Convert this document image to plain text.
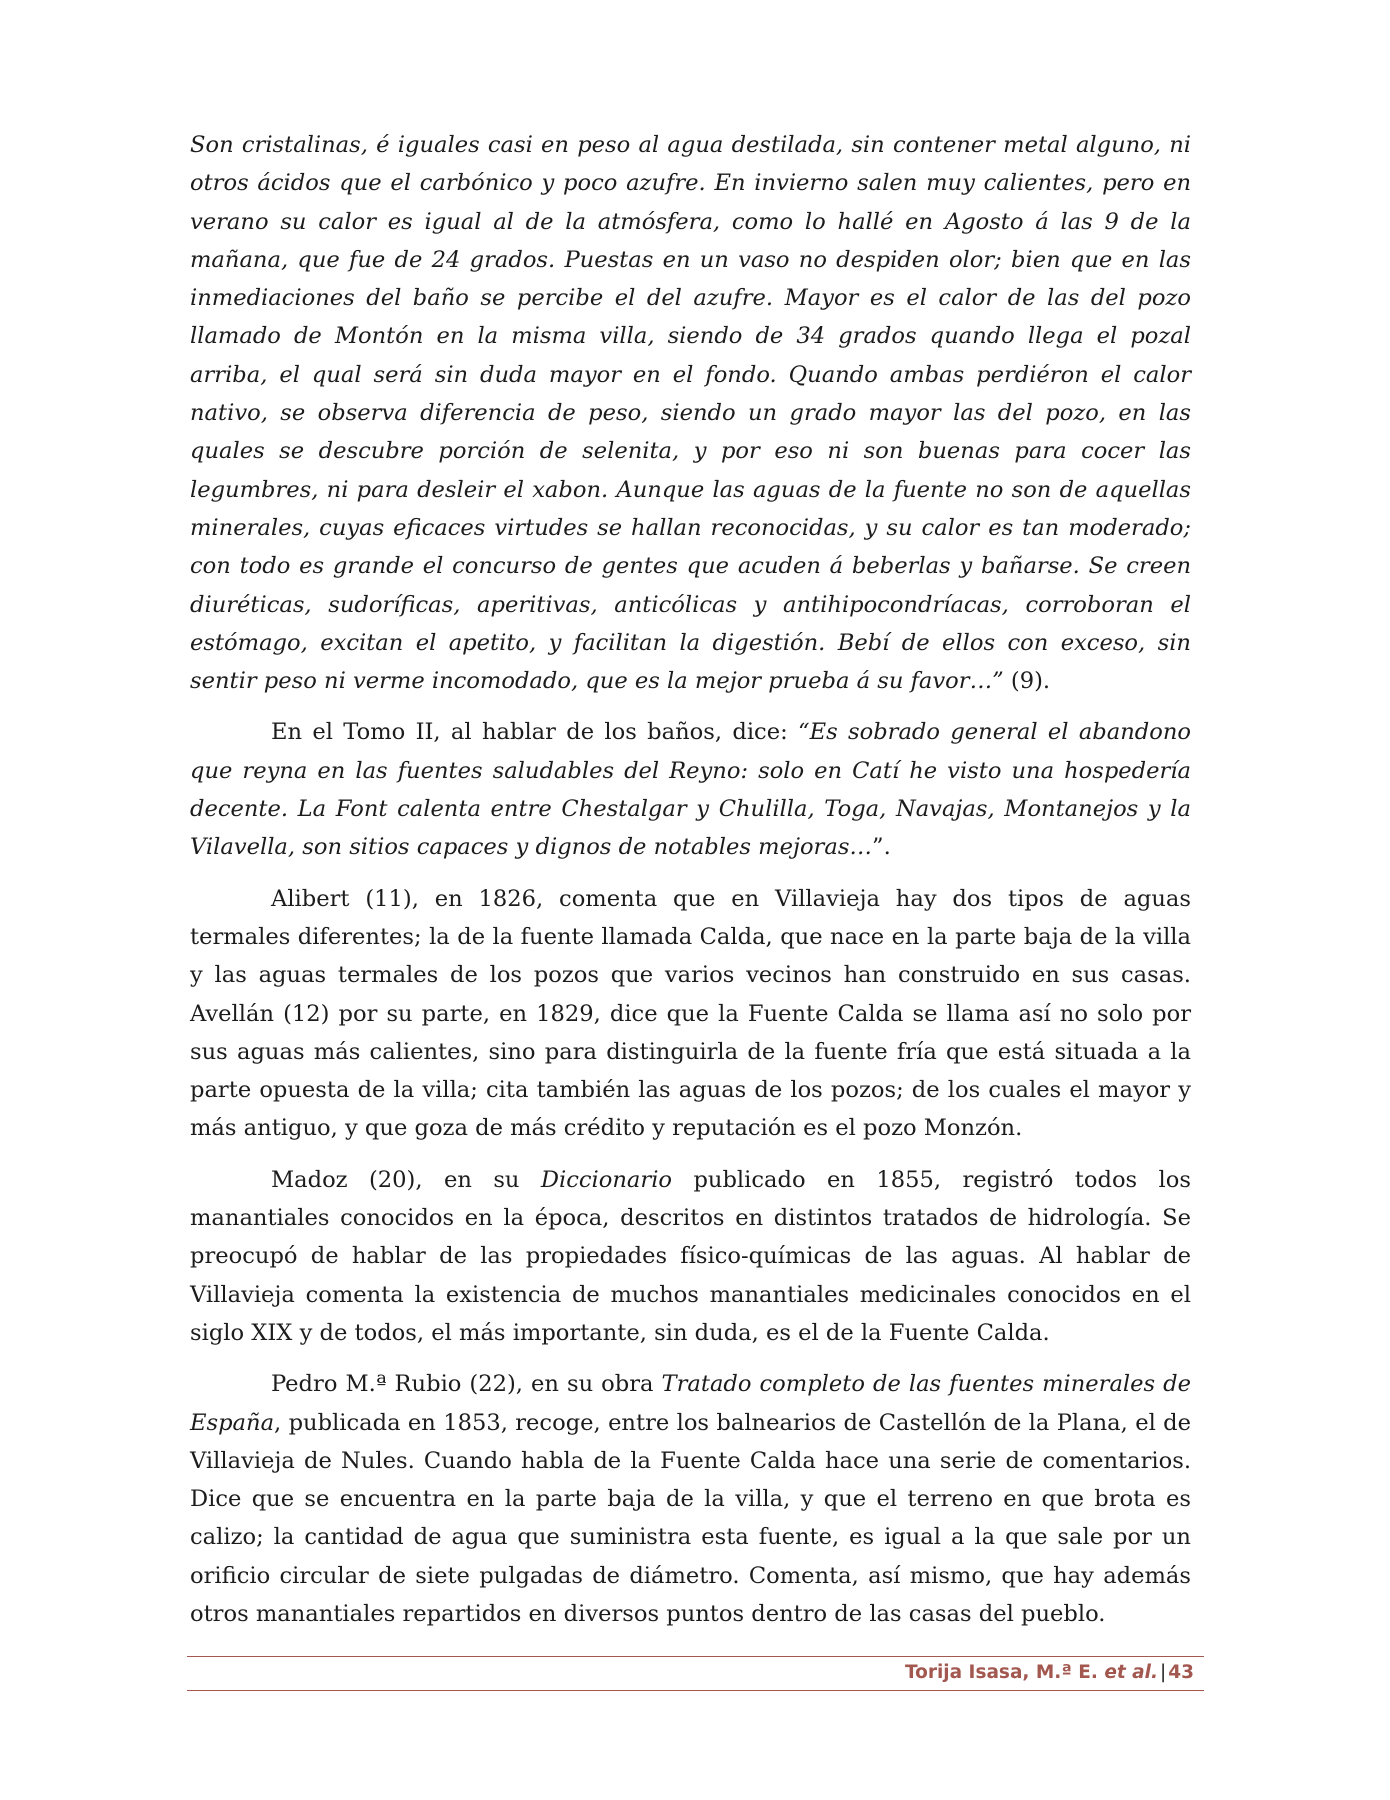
Son cristalinas, é iguales casi en peso al agua destilada, sin contener metal alguno, ni otros ácidos que el carbónico y poco azufre. En invierno salen muy calientes, pero en verano su calor es igual al de la atmósfera, como lo hallé en Agosto á las 9 de la mañana, que fue de 24 grados. Puestas en un vaso no despiden olor; bien que en las inmediaciones del baño se percibe el del azufre. Mayor es el calor de las del pozo llamado de Montón en la misma villa, siendo de 34 grados quando llega el pozal arriba, el qual será sin duda mayor en el fondo. Quando ambas perdiéron el calor nativo, se observa diferencia de peso, siendo un grado mayor las del pozo, en las quales se descubre porción de selenita, y por eso ni son buenas para cocer las legumbres, ni para desleir el xabon. Aunque las aguas de la fuente no son de aquellas minerales, cuyas eficaces virtudes se hallan reconocidas, y su calor es tan moderado; con todo es grande el concurso de gentes que acuden á beberlas y bañarse. Se creen diuréticas, sudoríficas, aperitivas, anticólicas y antihipocondríacas, corroboran el estómago, excitan el apetito, y facilitan la digestión. Bebí de ellos con exceso, sin sentir peso ni verme incomodado, que es la mejor prueba á su favor…” (9).

En el Tomo II, al hablar de los baños, dice: “Es sobrado general el abandono que reyna en las fuentes saludables del Reyno: solo en Catí he visto una hospedería decente. La Font calenta entre Chestalgar y Chulilla, Toga, Navajas, Montanejos y la Vilavella, son sitios capaces y dignos de notables mejoras…”.

Alibert (11), en 1826, comenta que en Villavieja hay dos tipos de aguas termales diferentes; la de la fuente llamada Calda, que nace en la parte baja de la villa y las aguas termales de los pozos que varios vecinos han construido en sus casas. Avellán (12) por su parte, en 1829, dice que la Fuente Calda se llama así no solo por sus aguas más calientes, sino para distinguirla de la fuente fría que está situada a la parte opuesta de la villa; cita también las aguas de los pozos; de los cuales el mayor y más antiguo, y que goza de más crédito y reputación es el pozo Monzón.

Madoz (20), en su Diccionario publicado en 1855, registró todos los manantiales conocidos en la época, descritos en distintos tratados de hidrología. Se preocupó de hablar de las propiedades físico-químicas de las aguas. Al hablar de Villavieja comenta la existencia de muchos manantiales medicinales conocidos en el siglo XIX y de todos, el más importante, sin duda, es el de la Fuente Calda.

Pedro M.ª Rubio (22), en su obra Tratado completo de las fuentes minerales de España, publicada en 1853, recoge, entre los balnearios de Castellón de la Plana, el de Villavieja de Nules. Cuando habla de la Fuente Calda hace una serie de comentarios. Dice que se encuentra en la parte baja de la villa, y que el terreno en que brota es calizo; la cantidad de agua que suministra esta fuente, es igual a la que sale por un orificio circular de siete pulgadas de diámetro. Comenta, así mismo, que hay además otros manantiales repartidos en diversos puntos dentro de las casas del pueblo.

Torija Isasa, M.ª E. et al. | 43
